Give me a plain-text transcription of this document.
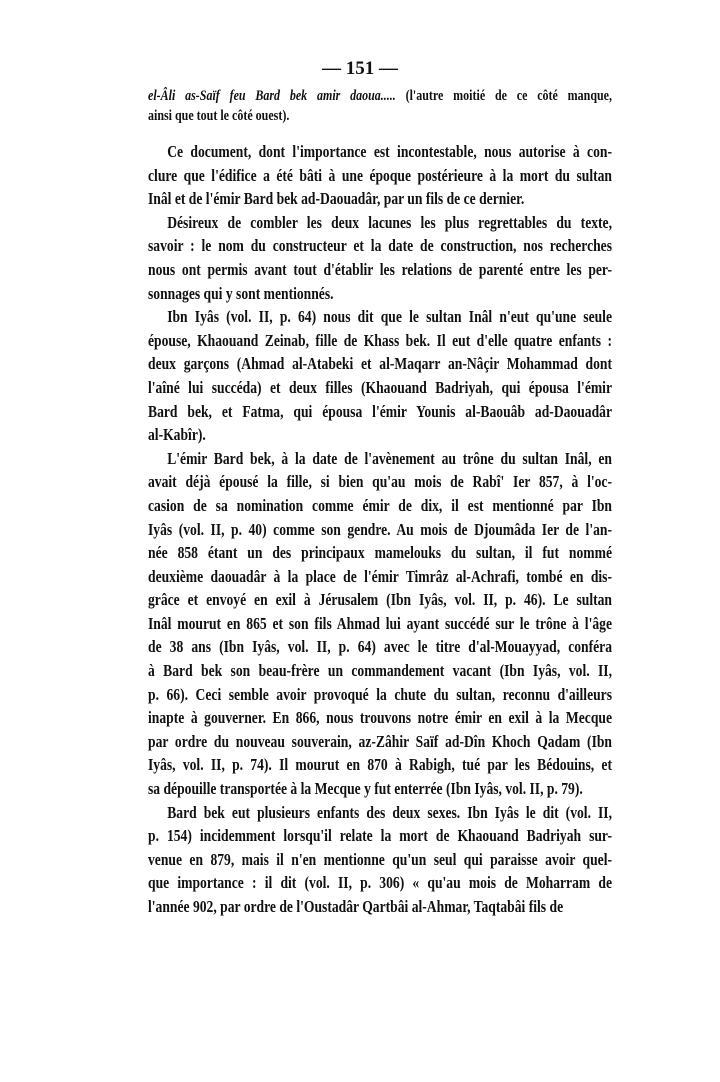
— 151 —
el-Âli as-Saïf feu Bard bek amir daoua..... (l'autre moitié de ce côté manque,
ainsi que tout le côté ouest).
Ce document, dont l'importance est incontestable, nous autorise à con-
clure que l'édifice a été bâti à une époque postérieure à la mort du sultan
Inâl et de l'émir Bard bek ad-Daouadâr, par un fils de ce dernier.
Désireux de combler les deux lacunes les plus regrettables du texte,
savoir : le nom du constructeur et la date de construction, nos recherches
nous ont permis avant tout d'établir les relations de parenté entre les per-
sonnages qui y sont mentionnés.
Ibn Iyâs (vol. II, p. 64) nous dit que le sultan Inâl n'eut qu'une seule
épouse, Khaouand Zeinab, fille de Khass bek. Il eut d'elle quatre enfants :
deux garçons (Ahmad al-Atabeki et al-Maqarr an-Nâçir Mohammad dont
l'aîné lui succéda) et deux filles (Khaouand Badriyah, qui épousa l'émir
Bard bek, et Fatma, qui épousa l'émir Younis al-Baouâb ad-Daouadâr
al-Kabîr).
L'émir Bard bek, à la date de l'avènement au trône du sultan Inâl, en
avait déjà épousé la fille, si bien qu'au mois de Rabî' Ier 857, à l'oc-
casion de sa nomination comme émir de dix, il est mentionné par Ibn
Iyâs (vol. II, p. 40) comme son gendre. Au mois de Djoumâda Ier de l'an-
née 858 étant un des principaux mamelouks du sultan, il fut nommé
deuxième daouadâr à la place de l'émir Timrâz al-Achrafi, tombé en dis-
grâce et envoyé en exil à Jérusalem (Ibn Iyâs, vol. II, p. 46). Le sultan
Inâl mourut en 865 et son fils Ahmad lui ayant succédé sur le trône à l'âge
de 38 ans (Ibn Iyâs, vol. II, p. 64) avec le titre d'al-Mouayyad, conféra
à Bard bek son beau-frère un commandement vacant (Ibn Iyâs, vol. II,
p. 66). Ceci semble avoir provoqué la chute du sultan, reconnu d'ailleurs
inapte à gouverner. En 866, nous trouvons notre émir en exil à la Mecque
par ordre du nouveau souverain, az-Zâhir Saïf ad-Dîn Khoch Qadam (Ibn
Iyâs, vol. II, p. 74). Il mourut en 870 à Rabigh, tué par les Bédouins, et
sa dépouille transportée à la Mecque y fut enterrée (Ibn Iyâs, vol. II, p. 79).
Bard bek eut plusieurs enfants des deux sexes. Ibn Iyâs le dit (vol. II,
p. 154) incidemment lorsqu'il relate la mort de Khaouand Badriyah sur-
venue en 879, mais il n'en mentionne qu'un seul qui paraisse avoir quel-
que importance : il dit (vol. II, p. 306) « qu'au mois de Moharram de
l'année 902, par ordre de l'Oustadâr Qartbâi al-Ahmar, Taqtabâi fils de
